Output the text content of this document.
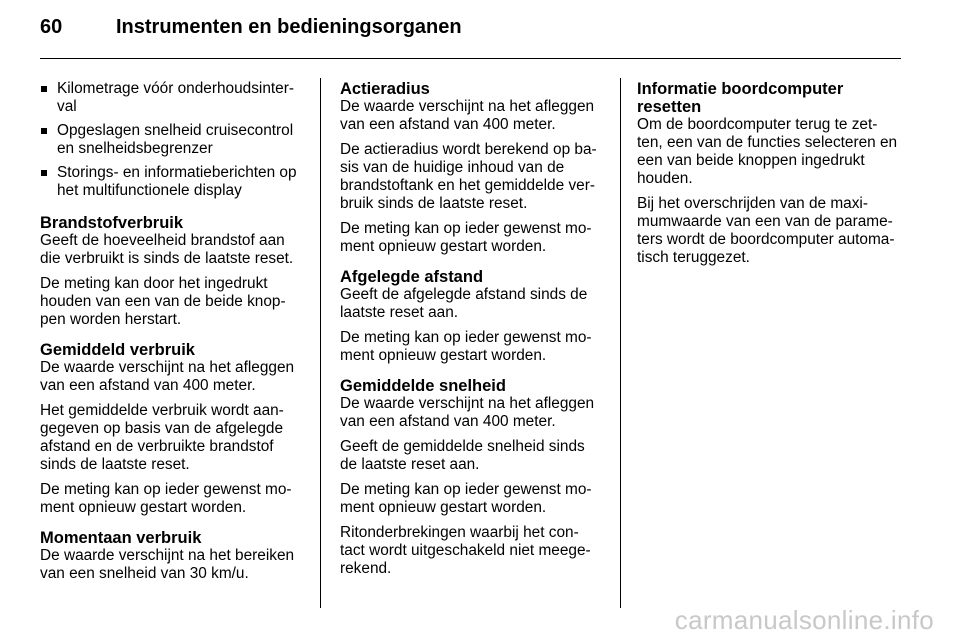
60	Instrumenten en bedieningsorganen
Kilometrage vóór onderhoudsinter- val
Opgeslagen snelheid cruisecontrol en snelheidsbegrenzer
Storings- en informatieberichten op het multifunctionele display
Brandstofverbruik

Geeft de hoeveelheid brandstof aan die verbruikt is sinds de laatste reset.

De meting kan door het ingedrukt houden van een van de beide knop- pen worden herstart.

Gemiddeld verbruik

De waarde verschijnt na het afleggen van een afstand van 400 meter.

Het gemiddelde verbruik wordt aan- gegeven op basis van de afgelegde afstand en de verbruikte brandstof sinds de laatste reset.

De meting kan op ieder gewenst mo- ment opnieuw gestart worden.

Momentaan verbruik

De waarde verschijnt na het bereiken van een snelheid van 30 km/u.

Actieradius

De waarde verschijnt na het afleggen van een afstand van 400 meter.

De actieradius wordt berekend op ba- sis van de huidige inhoud van de brandstoftank en het gemiddelde ver- bruik sinds de laatste reset.

De meting kan op ieder gewenst mo- ment opnieuw gestart worden.

Afgelegde afstand

Geeft de afgelegde afstand sinds de laatste reset aan.

De meting kan op ieder gewenst mo- ment opnieuw gestart worden.

Gemiddelde snelheid

De waarde verschijnt na het afleggen van een afstand van 400 meter.

Geeft de gemiddelde snelheid sinds de laatste reset aan.

De meting kan op ieder gewenst mo- ment opnieuw gestart worden.

Ritonderbrekingen waarbij het con- tact wordt uitgeschakeld niet meege- rekend.

Informatie boordcomputer resetten

Om de boordcomputer terug te zet- ten, een van de functies selecteren en een van beide knoppen ingedrukt houden.

Bij het overschrijden van de maxi- mumwaarde van een van de parame- ters wordt de boordcomputer automa- tisch teruggezet.

carmanualsonline.info
